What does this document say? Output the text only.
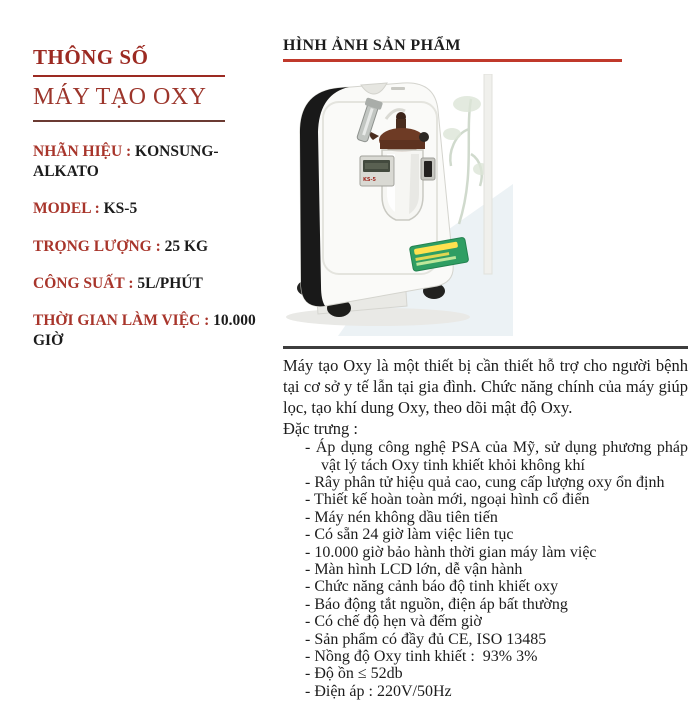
THÔNG SỐ
MÁY TẠO OXY

NHÃN HIỆU : KONSUNG-ALKATO

MODEL : KS-5

TRỌNG LƯỢNG : 25 KG

CÔNG SUẤT : 5L/PHÚT

THỜI GIAN LÀM VIỆC : 10.000 GIỜ

HÌNH ẢNH SẢN PHẨM
KS-5

Máy tạo Oxy là một thiết bị cần thiết hỗ trợ cho người bệnh tại cơ sở y tế lẫn tại gia đình. Chức năng chính của máy giúp lọc, tạo khí dung Oxy, theo dõi mật độ Oxy.

Đặc trưng :

- Áp dụng công nghệ PSA của Mỹ, sử dụng phương pháp vật lý tách Oxy tinh khiết khỏi không khí

- Rây phân tử hiệu quả cao, cung cấp lượng oxy ổn định

- Thiết kế hoàn toàn mới, ngoại hình cổ điển

- Máy nén không dầu tiên tiến

- Có sẵn 24 giờ làm việc liên tục

- 10.000 giờ bảo hành thời gian máy làm việc

- Màn hình LCD lớn, dễ vận hành

- Chức năng cảnh báo độ tinh khiết oxy

- Báo động tắt nguồn, điện áp bất thường

- Có chế độ hẹn và đếm giờ

- Sản phẩm có đầy đủ CE, ISO 13485

- Nồng độ Oxy tinh khiết :  93% 3%

- Độ ồn ≤ 52db

- Điện áp : 220V/50Hz
